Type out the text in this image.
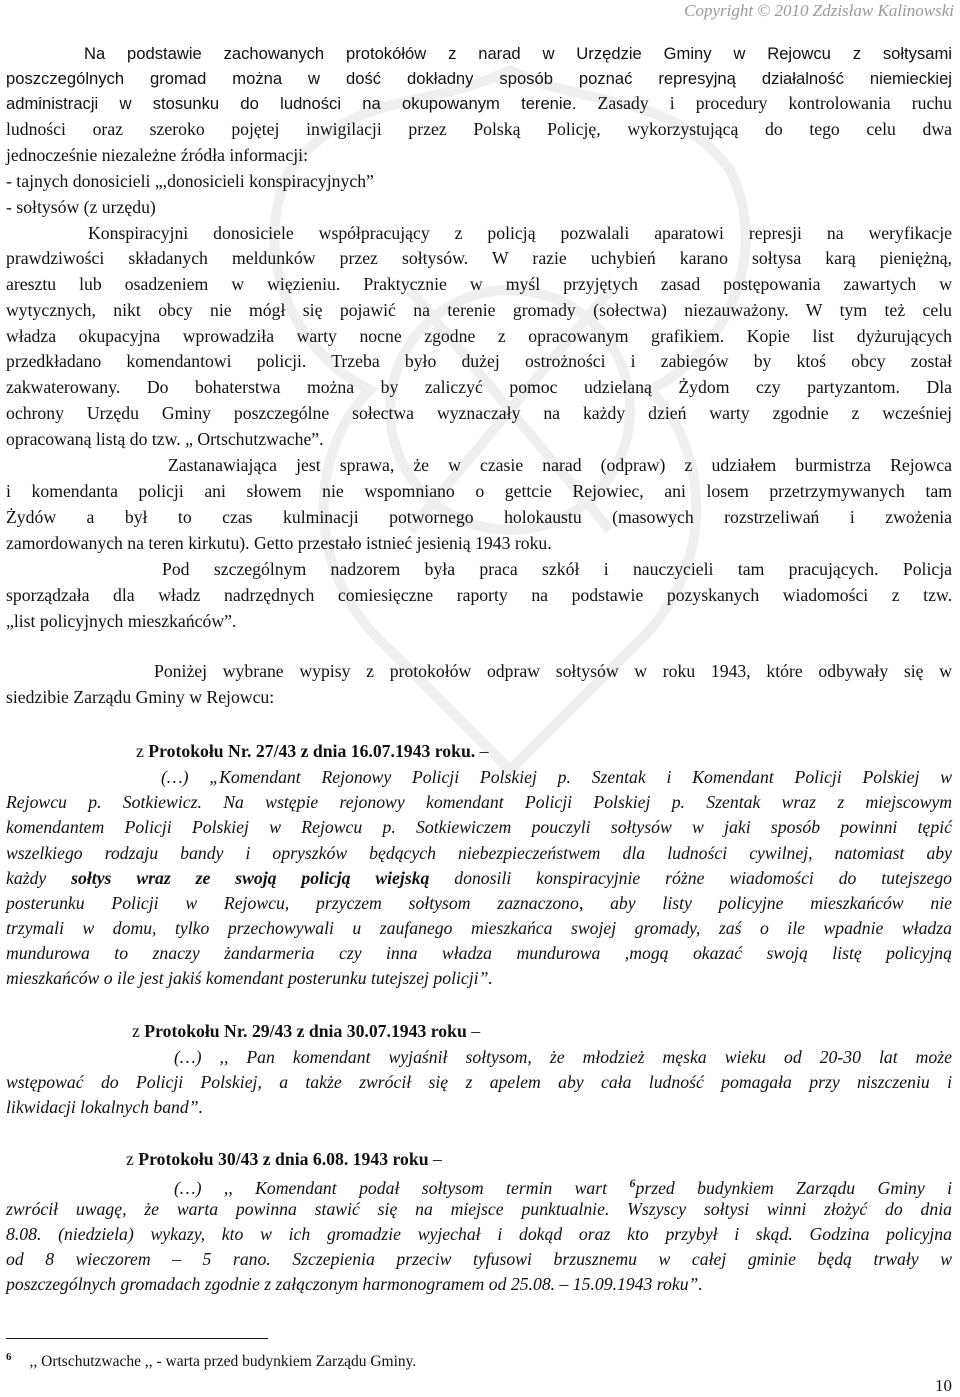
Copyright © 2010 Zdzisław Kalinowski
Na podstawie zachowanych protokółów z narad w Urzędzie Gminy w Rejowcu z sołtysami
poszczególnych gromad można w dość dokładny sposób poznać represyjną działalność niemieckiej
administracji w stosunku do ludności na okupowanym terenie. Zasady i procedury kontrolowania ruchu
ludności oraz szeroko pojętej inwigilacji przez Polską Policję, wykorzystującą do tego celu dwa
jednocześnie niezależne źródła informacji:
- tajnych donosicieli „,donosicieli konspiracyjnych”
- sołtysów (z urzędu)
Konspiracyjni donosiciele współpracujący z policją pozwalali aparatowi represji na weryfikacje
prawdziwości składanych meldunków przez sołtysów. W razie uchybień karano sołtysa karą pieniężną,
aresztu lub osadzeniem w więzieniu. Praktycznie w myśl przyjętych zasad postępowania zawartych w
wytycznych, nikt obcy nie mógł się pojawić na terenie gromady (sołectwa) niezauważony. W tym też celu
władza okupacyjna wprowadziła warty nocne zgodne z opracowanym grafikiem. Kopie list dyżurujących
przedkładano komendantowi policji. Trzeba było dużej ostrożności i zabiegów by ktoś obcy został
zakwaterowany. Do bohaterstwa można by zaliczyć pomoc udzielaną Żydom czy partyzantom. Dla
ochrony Urzędu Gminy poszczególne sołectwa wyznaczały na każdy dzień warty zgodnie z wcześniej
opracowaną listą do tzw. „ Ortschutzwache”.
Zastanawiająca jest sprawa, że w czasie narad (odpraw) z udziałem burmistrza Rejowca
i komendanta policji ani słowem nie wspomniano o gettcie Rejowiec, ani losem przetrzymywanych tam
Żydów a był to czas kulminacji potwornego holokaustu (masowych rozstrzeliwań i zwożenia
zamordowanych na teren kirkutu). Getto przestało istnieć jesienią 1943 roku.
Pod szczególnym nadzorem była praca szkół i nauczycieli tam pracujących. Policja
sporządzała dla władz nadrzędnych comiesięczne raporty na podstawie pozyskanych wiadomości z tzw.
„list policyjnych mieszkańców”.
Poniżej wybrane wypisy z protokołów odpraw sołtysów w roku 1943, które odbywały się w
siedzibie Zarządu Gminy w Rejowcu:
z Protokołu Nr. 27/43 z dnia 16.07.1943 roku. –
(…) „Komendant Rejonowy Policji Polskiej p. Szentak i Komendant Policji Polskiej w
Rejowcu p. Sotkiewicz. Na wstępie rejonowy komendant Policji Polskiej p. Szentak wraz z miejscowym
komendantem Policji Polskiej w Rejowcu p. Sotkiewiczem pouczyli sołtysów w jaki sposób powinni tępić
wszelkiego rodzaju bandy i opryszków będących niebezpieczeństwem dla ludności cywilnej, natomiast aby
każdy sołtys wraz ze swoją policją wiejską donosili konspiracyjnie różne wiadomości do tutejszego
posterunku Policji w Rejowcu, przyczem sołtysom zaznaczono, aby listy policyjne mieszkańców nie
trzymali w domu, tylko przechowywali u zaufanego mieszkańca swojej gromady, zaś o ile wpadnie władza
mundurowa to znaczy żandarmeria czy inna władza mundurowa ,mogą okazać swoją listę policyjną
mieszkańców o ile jest jakiś komendant posterunku tutejszej policji”.
z Protokołu Nr. 29/43 z dnia 30.07.1943 roku –
(…) ,, Pan komendant wyjaśnił sołtysom, że młodzież męska wieku od 20-30 lat może
wstępować do Policji Polskiej, a także zwrócił się z apelem aby cała ludność pomagała przy niszczeniu i
likwidacji lokalnych band”.
z Protokołu 30/43 z dnia 6.08. 1943 roku –
(…) ,, Komendant podał sołtysom termin wart $^6$przed budynkiem Zarządu Gminy i
zwrócił uwagę, że warta powinna stawić się na miejsce punktualnie. Wszyscy sołtysi winni złożyć do dnia
8.08. (niedziela) wykazy, kto w ich gromadzie wyjechał i dokąd oraz kto przybył i skąd. Godzina policyjna
od 8 wieczorem – 5 rano. Szczepienia przeciw tyfusowi brzusznemu w całej gminie będą trwały w
poszczególnych gromadach zgodnie z załączonym harmonogramem od 25.08. – 15.09.1943 roku”.
$^6$ ,, Ortschutzwache ,, - warta przed budynkiem Zarządu Gminy.
10
